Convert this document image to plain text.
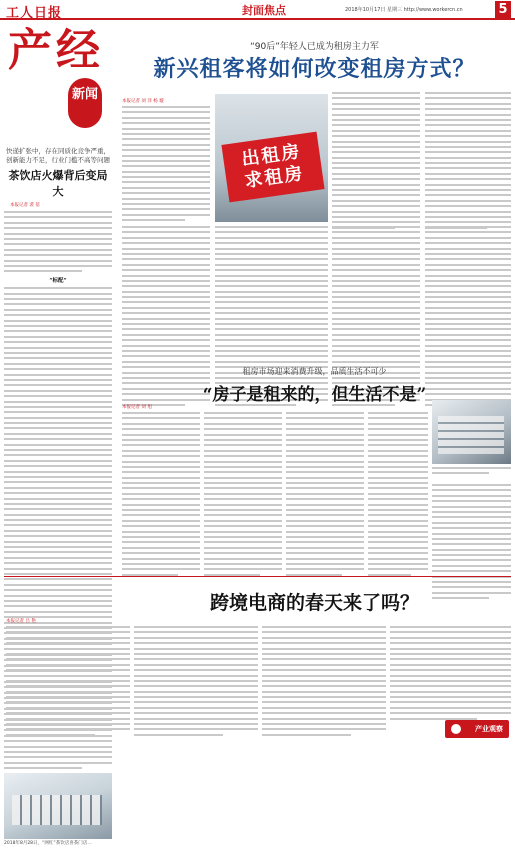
工人日报	封面焦点	2018年10月17日 星期三 http://www.workercn.cn	5
产经
新闻
快递扩张中，存在同质化竞争严重，创新能力不足，行业门槛不高等问题
茶饮店火爆背后变局大
本报记者 裴 蓓
“标配”
2018年8月28日，“网红”茶饮店喜茶门店…
“90后”年轻人已成为租房主力军
新兴租客将如何改变租房方式？
本报记者 刘 洋 杨 璇
出租房
求租房
租房市场迎来消费升级，品质生活不可少
“房子是租来的，但生活不是”
本报记者 刘 旭
跨境电商的春天来了吗？
本报记者 吕 艳
产业观察
